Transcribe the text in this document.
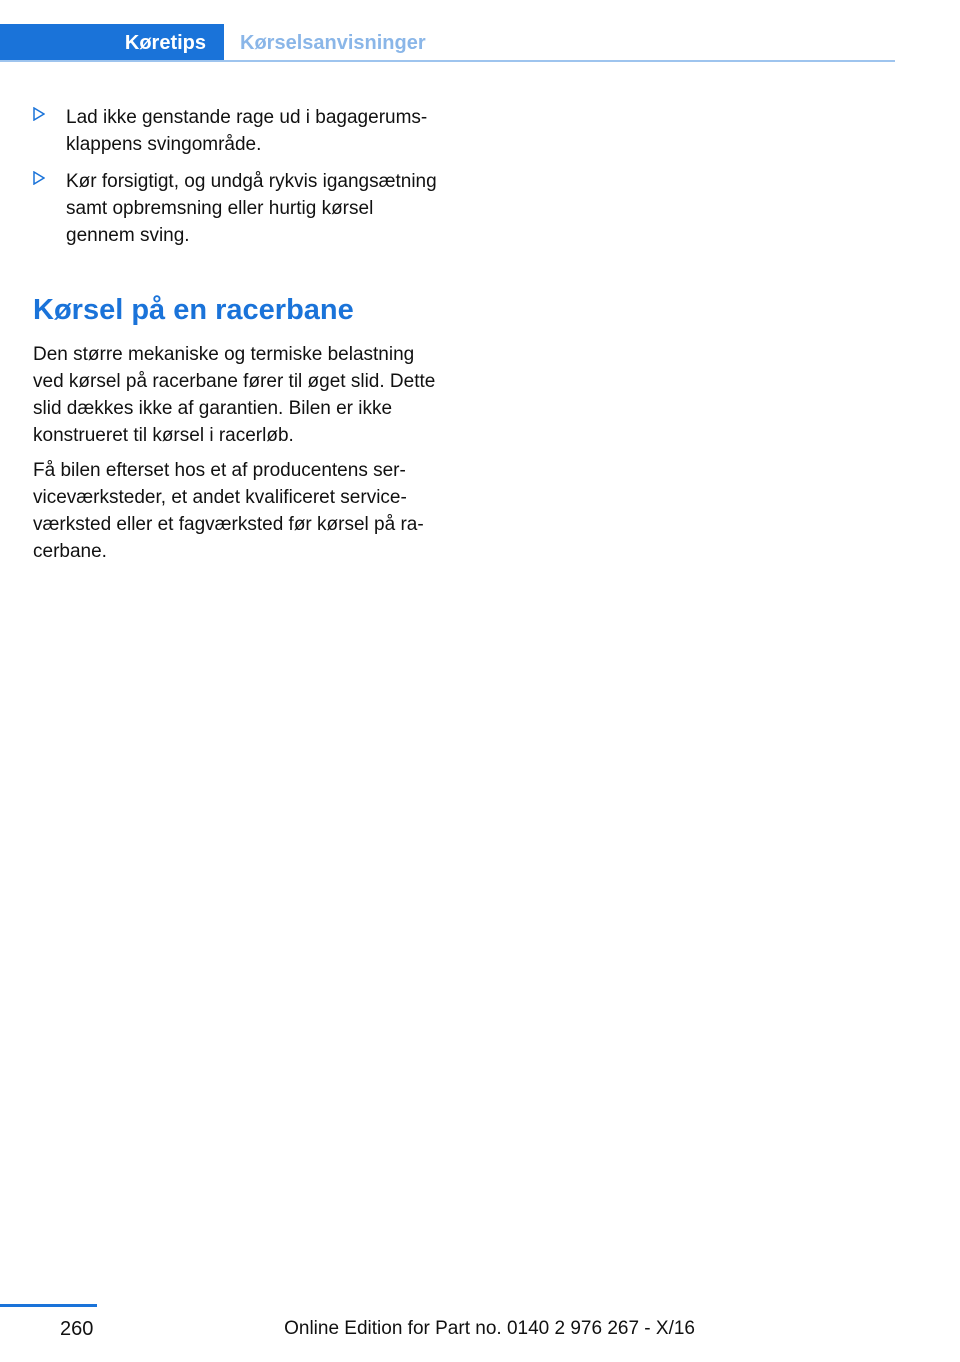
Køretips	Kørselsanvisninger
Lad ikke genstande rage ud i bagagerumsklappens svingområde.
Kør forsigtigt, og undgå rykvis igangsætning samt opbremsning eller hurtig kørsel gennem sving.
Kørsel på en racerbane

Den større mekaniske og termiske belastning ved kørsel på racerbane fører til øget slid. Dette slid dækkes ikke af garantien. Bilen er ikke konstrueret til kørsel i racerløb.

Få bilen efterset hos et af producentens serviceværksteder, et andet kvalificeret serviceværksted eller et fagværksted før kørsel på racerbane.

260	Online Edition for Part no. 0140 2 976 267 - X/16
